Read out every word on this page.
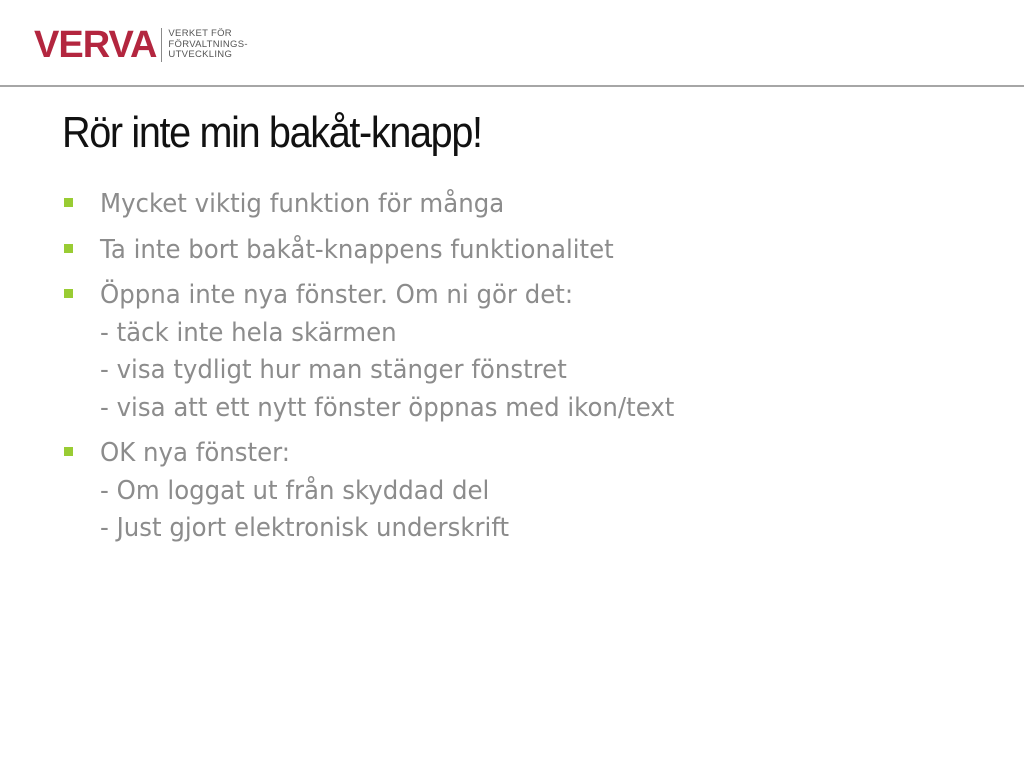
VERVA VERKET FÖR
FÖRVALTNINGS-
UTVECKLING
Rör inte min bakåt-knapp!
Mycket viktig funktion för många
Ta inte bort bakåt-knappens funktionalitet
Öppna inte nya fönster. Om ni gör det:
- täck inte hela skärmen
- visa tydligt hur man stänger fönstret
- visa att ett nytt fönster öppnas med ikon/text
OK nya fönster:
- Om loggat ut från skyddad del
- Just gjort elektronisk underskrift
